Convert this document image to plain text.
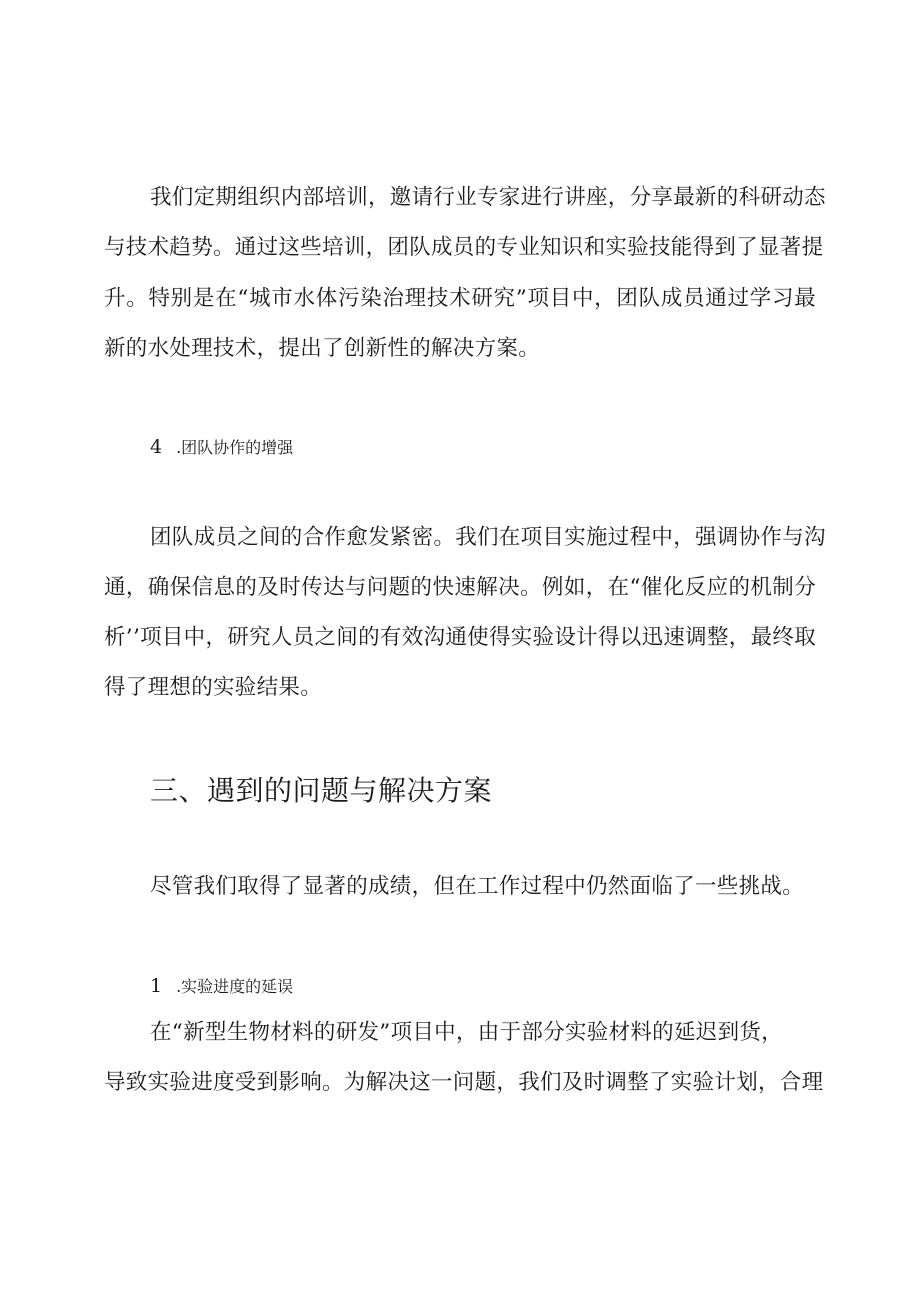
我们定期组织内部培训，邀请行业专家进行讲座，分享最新的科研动态
与技术趋势。通过这些培训，团队成员的专业知识和实验技能得到了显著提
升。特别是在“城市水体污染治理技术研究”项目中，团队成员通过学习最
新的水处理技术，提出了创新性的解决方案。
4 .团队协作的增强
团队成员之间的合作愈发紧密。我们在项目实施过程中，强调协作与沟
通，确保信息的及时传达与问题的快速解决。例如，在“催化反应的机制分
析’’项目中，研究人员之间的有效沟通使得实验设计得以迅速调整，最终取
得了理想的实验结果。
三、遇到的问题与解决方案
尽管我们取得了显著的成绩，但在工作过程中仍然面临了一些挑战。
1 .实验进度的延误
在“新型生物材料的研发”项目中，由于部分实验材料的延迟到货，
导致实验进度受到影响。为解决这一问题，我们及时调整了实验计划，合理
